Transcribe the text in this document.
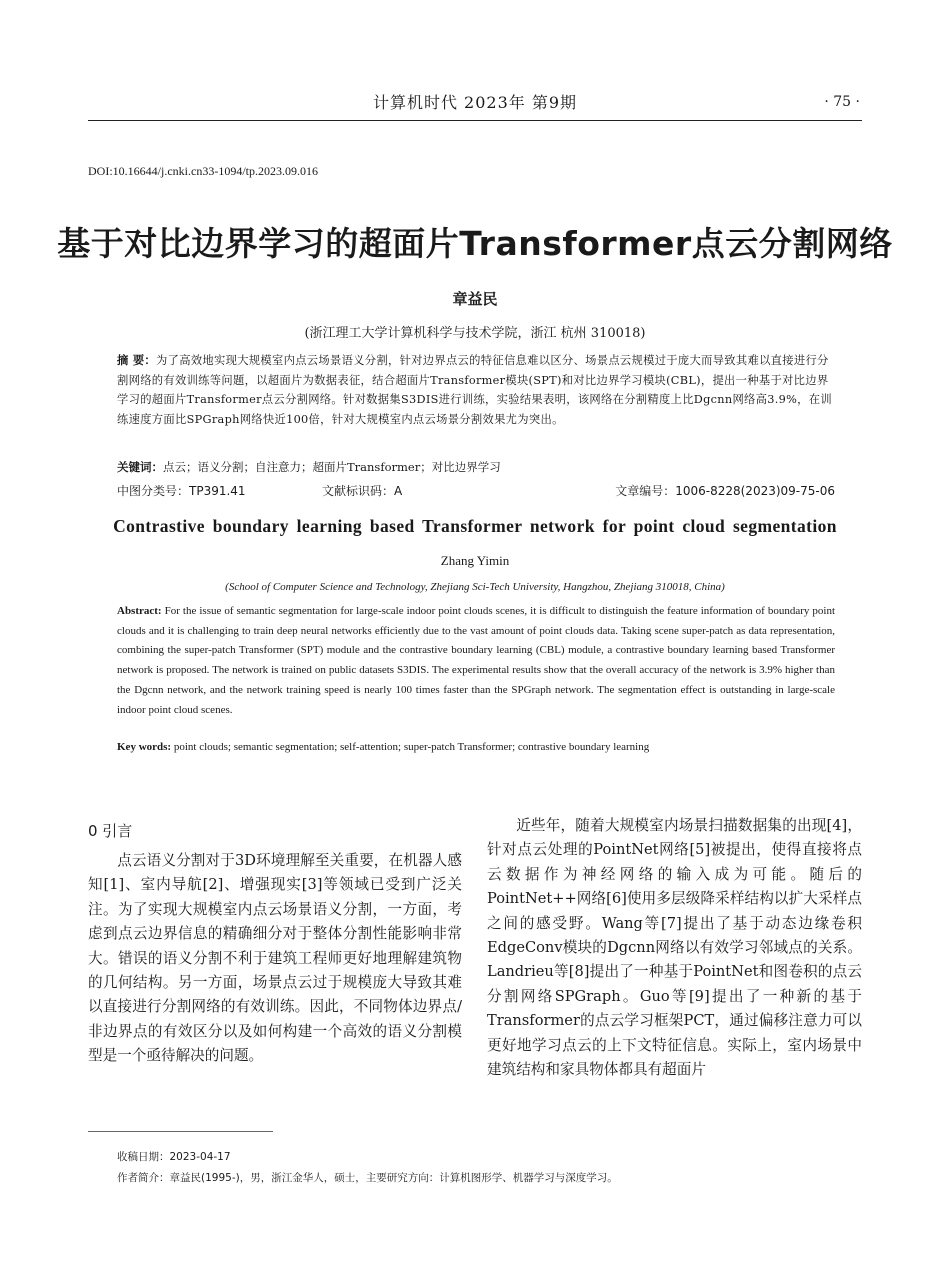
计算机时代 2023年 第9期	· 75 ·
DOI:10.16644/j.cnki.cn33-1094/tp.2023.09.016
基于对比边界学习的超面片Transformer点云分割网络
章益民
(浙江理工大学计算机科学与技术学院，浙江 杭州 310018)
摘 要：为了高效地实现大规模室内点云场景语义分割，针对边界点云的特征信息难以区分、场景点云规模过于庞大而导致其难以直接进行分割网络的有效训练等问题，以超面片为数据表征，结合超面片Transformer模块(SPT)和对比边界学习模块(CBL)，提出一种基于对比边界学习的超面片Transformer点云分割网络。针对数据集S3DIS进行训练，实验结果表明，该网络在分割精度上比Dgcnn网络高3.9%，在训练速度方面比SPGraph网络快近100倍，针对大规模室内点云场景分割效果尤为突出。
关键词：点云；语义分割；自注意力；超面片Transformer；对比边界学习
中图分类号：TP391.41	文献标识码：A	文章编号：1006-8228(2023)09-75-06
Contrastive boundary learning based Transformer network for point cloud segmentation
Zhang Yimin
(School of Computer Science and Technology, Zhejiang Sci-Tech University, Hangzhou, Zhejiang 310018, China)
Abstract: For the issue of semantic segmentation for large-scale indoor point clouds scenes, it is difficult to distinguish the feature information of boundary point clouds and it is challenging to train deep neural networks efficiently due to the vast amount of point clouds data. Taking scene super-patch as data representation, combining the super-patch Transformer (SPT) module and the contrastive boundary learning (CBL) module, a contrastive boundary learning based Transformer network is proposed. The network is trained on public datasets S3DIS. The experimental results show that the overall accuracy of the network is 3.9% higher than the Dgcnn network, and the network training speed is nearly 100 times faster than the SPGraph network. The segmentation effect is outstanding in large-scale indoor point cloud scenes.
Key words: point clouds; semantic segmentation; self-attention; super-patch Transformer; contrastive boundary learning
0 引言
点云语义分割对于3D环境理解至关重要，在机器人感知[1]、室内导航[2]、增强现实[3]等领域已受到广泛关注。为了实现大规模室内点云场景语义分割，一方面，考虑到点云边界信息的精确细分对于整体分割性能影响非常大。错误的语义分割不利于建筑工程师更好地理解建筑物的几何结构。另一方面，场景点云过于规模庞大导致其难以直接进行分割网络的有效训练。因此，不同物体边界点/非边界点的有效区分以及如何构建一个高效的语义分割模型是一个亟待解决的问题。
近些年，随着大规模室内场景扫描数据集的出现[4]，针对点云处理的PointNet网络[5]被提出，使得直接将点云数据作为神经网络的输入成为可能。随后的PointNet++网络[6]使用多层级降采样结构以扩大采样点之间的感受野。Wang等[7]提出了基于动态边缘卷积EdgeConv模块的Dgcnn网络以有效学习邻域点的关系。Landrieu等[8]提出了一种基于PointNet和图卷积的点云分割网络SPGraph。Guo等[9]提出了一种新的基于Transformer的点云学习框架PCT，通过偏移注意力可以更好地学习点云的上下文特征信息。实际上，室内场景中建筑结构和家具物体都具有超面片
收稿日期：2023-04-17
作者简介：章益民(1995-)，男，浙江金华人，硕士，主要研究方向：计算机图形学、机器学习与深度学习。
